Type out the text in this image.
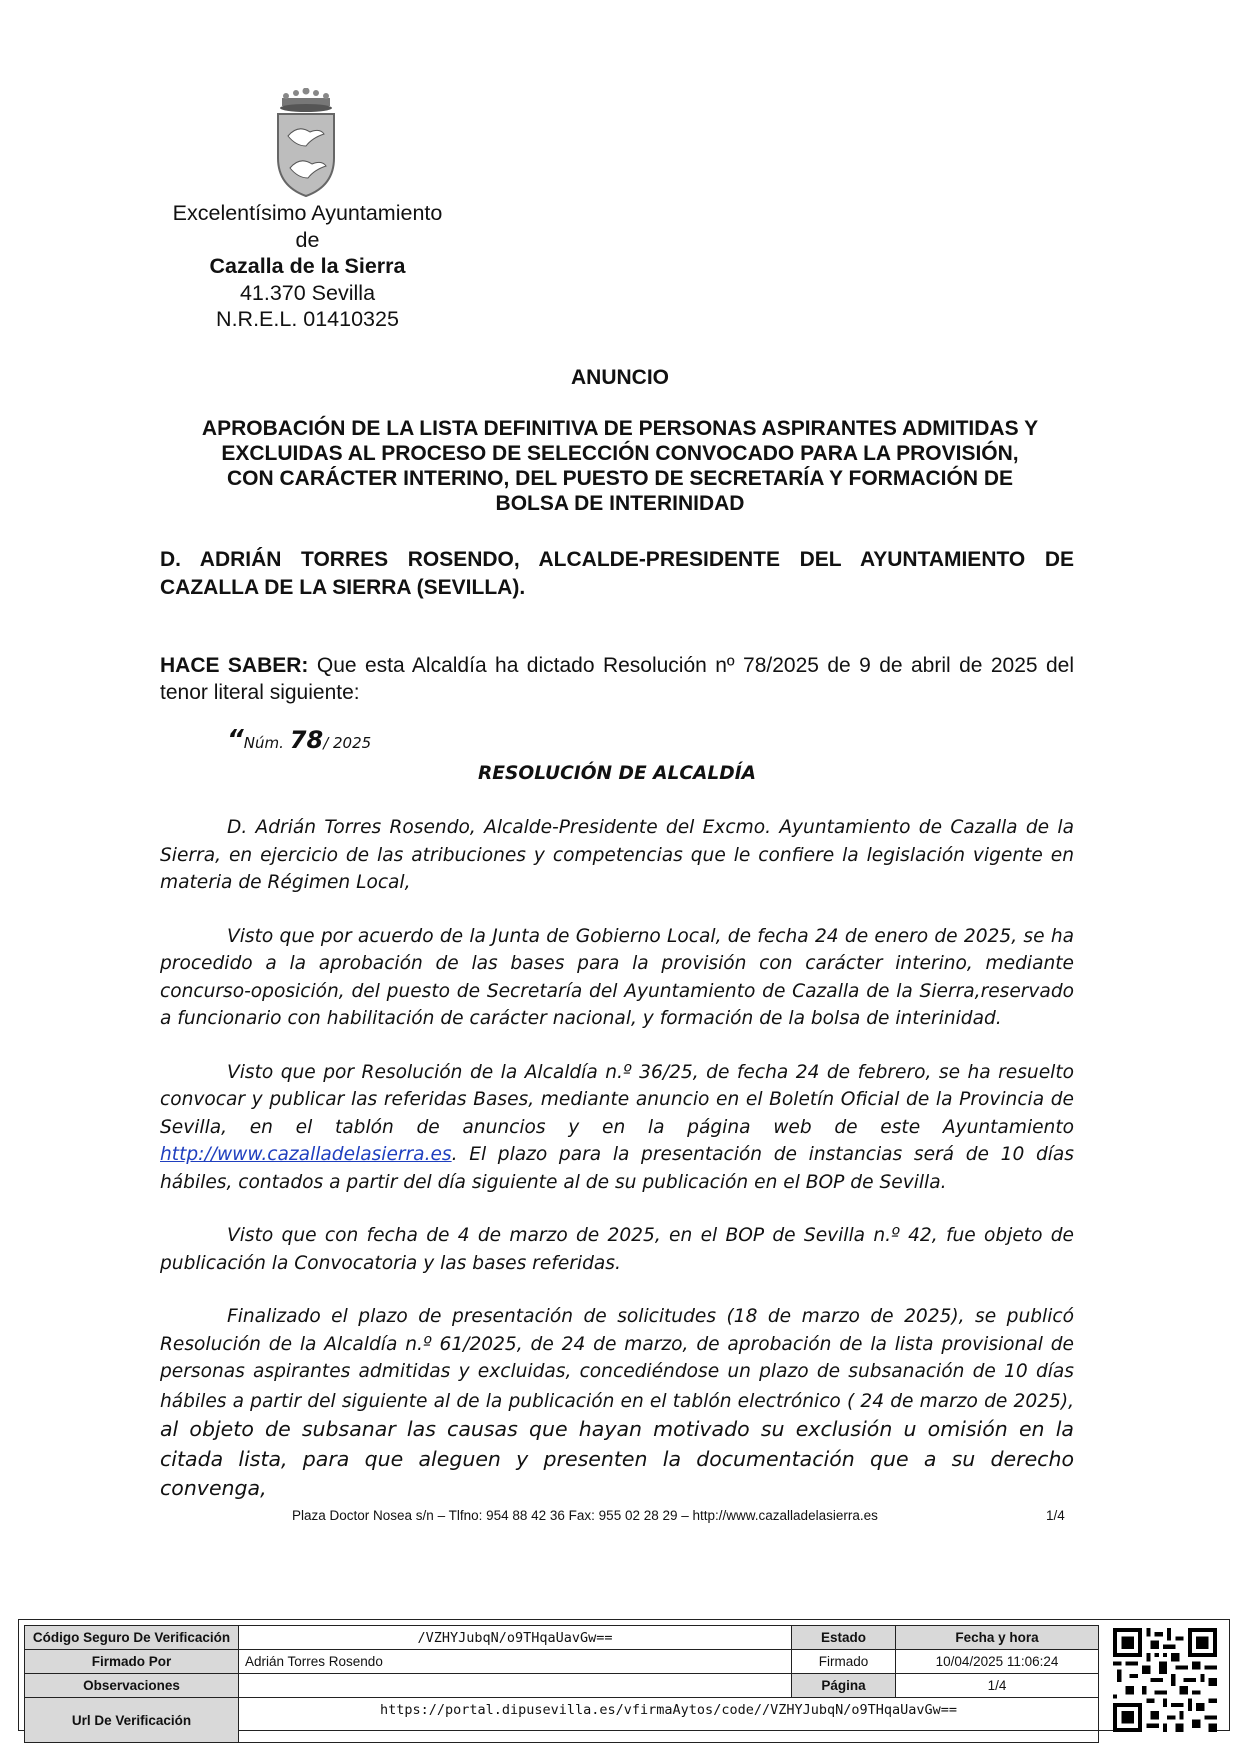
Excelentísimo Ayuntamiento
de
Cazalla de la Sierra
41.370 Sevilla
N.R.E.L. 01410325
ANUNCIO
APROBACIÓN DE LA LISTA DEFINITIVA DE PERSONAS ASPIRANTES ADMITIDAS Y
EXCLUIDAS AL PROCESO DE SELECCIÓN CONVOCADO PARA LA PROVISIÓN,
CON CARÁCTER INTERINO, DEL PUESTO DE SECRETARÍA Y FORMACIÓN DE
BOLSA DE INTERINIDAD
D. ADRIÁN TORRES ROSENDO, ALCALDE-PRESIDENTE DEL AYUNTAMIENTO DE CAZALLA DE LA SIERRA (SEVILLA).
HACE SABER: Que esta Alcaldía ha dictado Resolución nº 78/2025 de 9 de abril de 2025 del tenor literal siguiente:
“Núm. 78/ 2025
RESOLUCIÓN DE ALCALDÍA

D. Adrián Torres Rosendo, Alcalde-Presidente del Excmo. Ayuntamiento de Cazalla de la Sierra, en ejercicio de las atribuciones y competencias que le confiere la legislación vigente en materia de Régimen Local,

Visto que por acuerdo de la Junta de Gobierno Local, de fecha 24 de enero de 2025, se ha procedido a la aprobación de las bases para la provisión con carácter interino, mediante concurso-oposición, del puesto de Secretaría del Ayuntamiento de Cazalla de la Sierra,reservado a funcionario con habilitación de carácter nacional, y formación de la bolsa de interinidad.

Visto que por Resolución de la Alcaldía n.º 36/25, de fecha 24 de febrero, se ha resuelto convocar y publicar las referidas Bases, mediante anuncio en el Boletín Oficial de la Provincia de Sevilla, en el tablón de anuncios y en la página web de este Ayuntamiento http://www.cazalladelasierra.es. El plazo para la presentación de instancias será de 10 días hábiles, contados a partir del día siguiente al de su publicación en el BOP de Sevilla.

Visto que con fecha de 4 de marzo de 2025, en el BOP de Sevilla n.º 42, fue objeto de publicación la Convocatoria y las bases referidas.

Finalizado el plazo de presentación de solicitudes (18 de marzo de 2025), se publicó Resolución de la Alcaldía n.º 61/2025, de 24 de marzo, de aprobación de la lista provisional de personas aspirantes admitidas y excluidas, concediéndose un plazo de subsanación de 10 días hábiles a partir del siguiente al de la publicación en el tablón electrónico ( 24 de marzo de 2025), al objeto de subsanar las causas que hayan motivado su exclusión u omisión en la citada lista, para que aleguen y presenten la documentación que a su derecho convenga,

Plaza Doctor Nosea s/n – Tlfno: 954 88 42 36 Fax: 955 02 28 29 – http://www.cazalladelasierra.es	1/4
Código Seguro De Verificación	/VZHYJubqN/o9THqaUavGw==	Estado	Fecha y hora
Firmado Por	Adrián Torres Rosendo	Firmado	10/04/2025 11:06:24
Observaciones		Página	1/4
Url De Verificación	https://portal.dipusevilla.es/vfirmaAytos/code//VZHYJubqN/o9THqaUavGw==		
